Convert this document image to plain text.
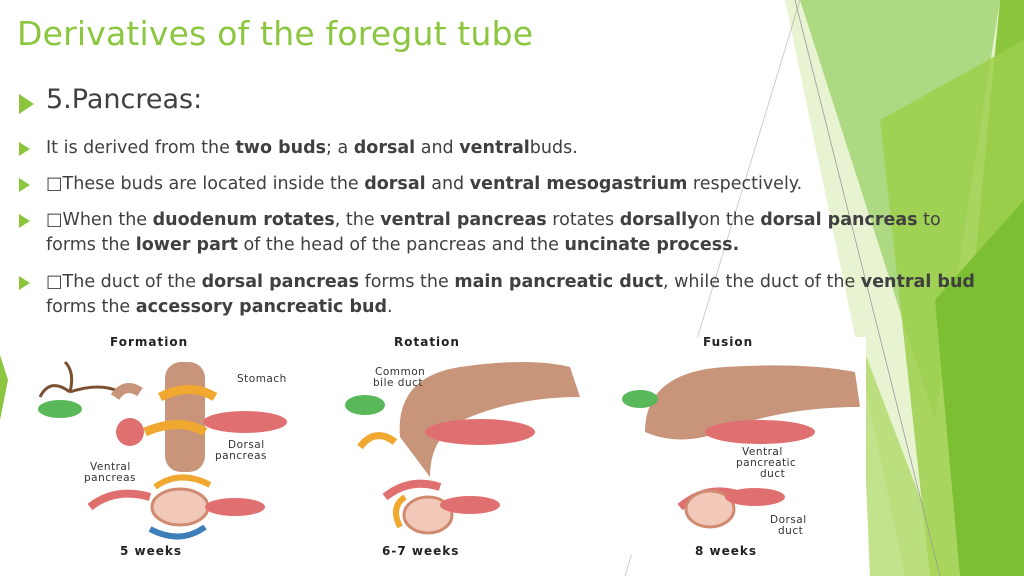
Derivatives of the foregut tube
5.Pancreas:
It is derived from the two buds; a dorsal and ventralbuds.
□These buds are located inside the dorsal and ventral mesogastrium respectively.
□When the duodenum rotates, the ventral pancreas rotates dorsallyon the dorsal pancreas to forms the lower part of the head of the pancreas and the uncinate process.
□The duct of the dorsal pancreas forms the main pancreatic duct, while the duct of the ventral bud forms the accessory pancreatic bud.
Formation	Rotation	Fusion
Stomach
Dorsal
pancreas
Ventral
pancreas
Common
bile duct
Ventral
pancreatic
duct
Dorsal
duct
5 weeks	6-7 weeks	8 weeks
